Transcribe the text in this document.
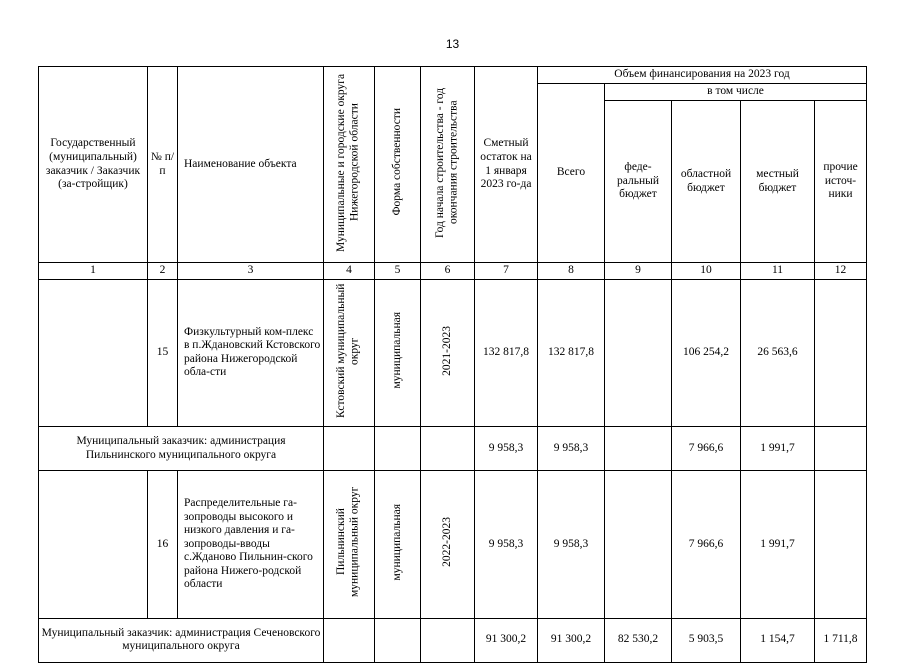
13
Государственный (муниципальный) заказчик / Заказчик (за-стройщик)	№ п/п	Наименование объекта	Муниципальные и городские округа Нижегородской области	Форма собственности	Год начала строительства - год окончания строительства	Сметный остаток на 1 января 2023 го-да	Объем финансирования на 2023 год				
							Всего	в том числе			
								феде-ральный бюджет	областной бюджет	местный бюджет	прочие источ-ники
1	2	3	4	5	6	7	8	9	10	11	12
	15	Физкультурный ком-плекс в п.Ждановский Кстовского района Нижегородской обла-сти	Кстовский муниципальный округ	муниципальная	2021-2023	132 817,8	132 817,8		106 254,2	26 563,6	
Муниципальный заказчик: администрация Пильнинского муниципального округа						9 958,3	9 958,3		7 966,6	1 991,7	
	16	Распределительные га-зопроводы высокого и низкого давления и га-зопроводы-вводы с.Жданово Пильнин-ского района Нижего-родской области	Пильнинский муниципальный округ	муниципальная	2022-2023	9 958,3	9 958,3		7 966,6	1 991,7	
Муниципальный заказчик: администрация Сеченовского муниципального округа						91 300,2	91 300,2	82 530,2	5 903,5	1 154,7	1 711,8
